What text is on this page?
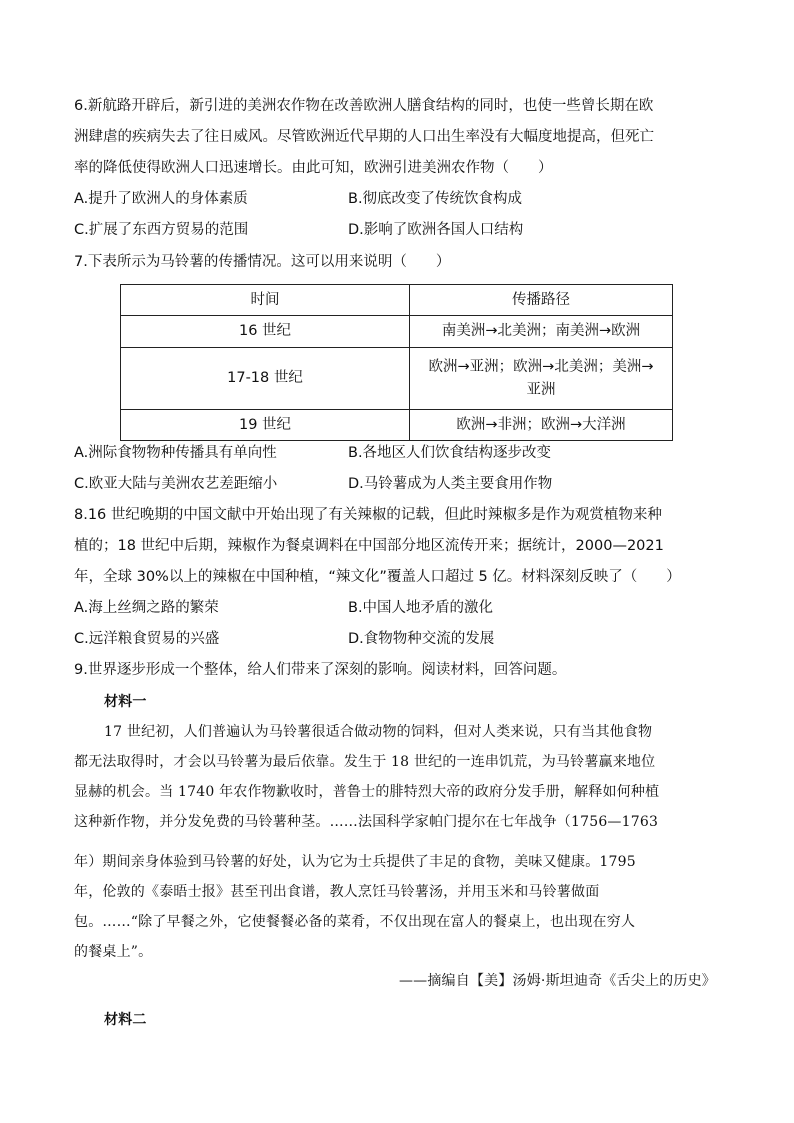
6.新航路开辟后，新引进的美洲农作物在改善欧洲人膳食结构的同时，也使一些曾长期在欧
洲肆虐的疾病失去了往日威风。尽管欧洲近代早期的人口出生率没有大幅度地提高，但死亡
率的降低使得欧洲人口迅速增长。由此可知，欧洲引进美洲农作物（　　）
A.提升了欧洲人的身体素质	B.彻底改变了传统饮食构成
C.扩展了东西方贸易的范围	D.影响了欧洲各国人口结构
7.下表所示为马铃薯的传播情况。这可以用来说明（　　）
时间	传播路径
16 世纪	南美洲→北美洲；南美洲→欧洲
17-18 世纪	欧洲→亚洲；欧洲→北美洲；美洲→
亚洲

19 世纪	欧洲→非洲；欧洲→大洋洲
A.洲际食物物种传播具有单向性	B.各地区人们饮食结构逐步改变
C.欧亚大陆与美洲农艺差距缩小	D.马铃薯成为人类主要食用作物
8.16 世纪晚期的中国文献中开始出现了有关辣椒的记载，但此时辣椒多是作为观赏植物来种
植的；18 世纪中后期，辣椒作为餐桌调料在中国部分地区流传开来；据统计，2000—2021
年，全球 30%以上的辣椒在中国种植，“辣文化”覆盖人口超过 5 亿。材料深刻反映了（　　）
A.海上丝绸之路的繁荣	B.中国人地矛盾的激化
C.远洋粮食贸易的兴盛	D.食物物种交流的发展
9.世界逐步形成一个整体，给人们带来了深刻的影响。阅读材料，回答问题。
材料一
17 世纪初，人们普遍认为马铃薯很适合做动物的饲料，但对人类来说，只有当其他食物
都无法取得时，才会以马铃薯为最后依靠。发生于 18 世纪的一连串饥荒，为马铃薯赢来地位
显赫的机会。当 1740 年农作物歉收时，普鲁士的腓特烈大帝的政府分发手册，解释如何种植
这种新作物，并分发免费的马铃薯种茎。……法国科学家帕门提尔在七年战争（1756—1763
年）期间亲身体验到马铃薯的好处，认为它为士兵提供了丰足的食物，美味又健康。1795
年，伦敦的《泰晤士报》甚至刊出食谱，教人烹饪马铃薯汤，并用玉米和马铃薯做面
包。……“除了早餐之外，它使餐餐必备的菜肴，不仅出现在富人的餐桌上，也出现在穷人
的餐桌上”。
——摘编自【美】汤姆·斯坦迪奇《舌尖上的历史》
材料二
